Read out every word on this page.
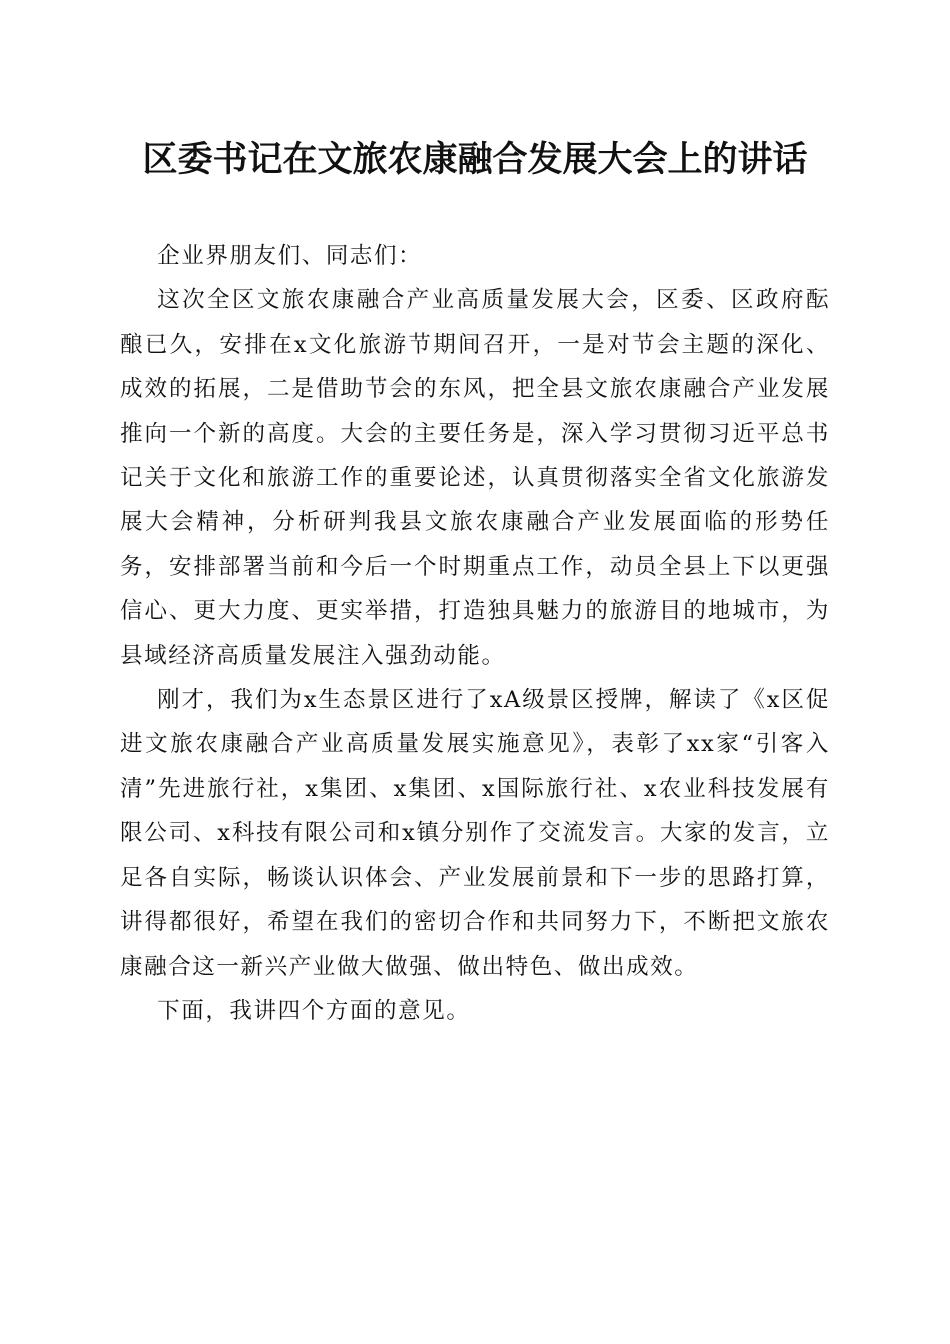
区委书记在文旅农康融合发展大会上的讲话

企业界朋友们、同志们：

这次全区文旅农康融合产业高质量发展大会，区委、区政府酝酿已久，安排在x文化旅游节期间召开，一是对节会主题的深化、成效的拓展，二是借助节会的东风，把全县文旅农康融合产业发展推向一个新的高度。大会的主要任务是，深入学习贯彻习近平总书记关于文化和旅游工作的重要论述，认真贯彻落实全省文化旅游发展大会精神，分析研判我县文旅农康融合产业发展面临的形势任务，安排部署当前和今后一个时期重点工作，动员全县上下以更强信心、更大力度、更实举措，打造独具魅力的旅游目的地城市，为县域经济高质量发展注入强劲动能。

刚才，我们为x生态景区进行了xA级景区授牌，解读了《x区促进文旅农康融合产业高质量发展实施意见》，表彰了xx家“引客入清”先进旅行社，x集团、x集团、x国际旅行社、x农业科技发展有限公司、x科技有限公司和x镇分别作了交流发言。大家的发言，立足各自实际，畅谈认识体会、产业发展前景和下一步的思路打算，讲得都很好，希望在我们的密切合作和共同努力下，不断把文旅农康融合这一新兴产业做大做强、做出特色、做出成效。

下面，我讲四个方面的意见。
